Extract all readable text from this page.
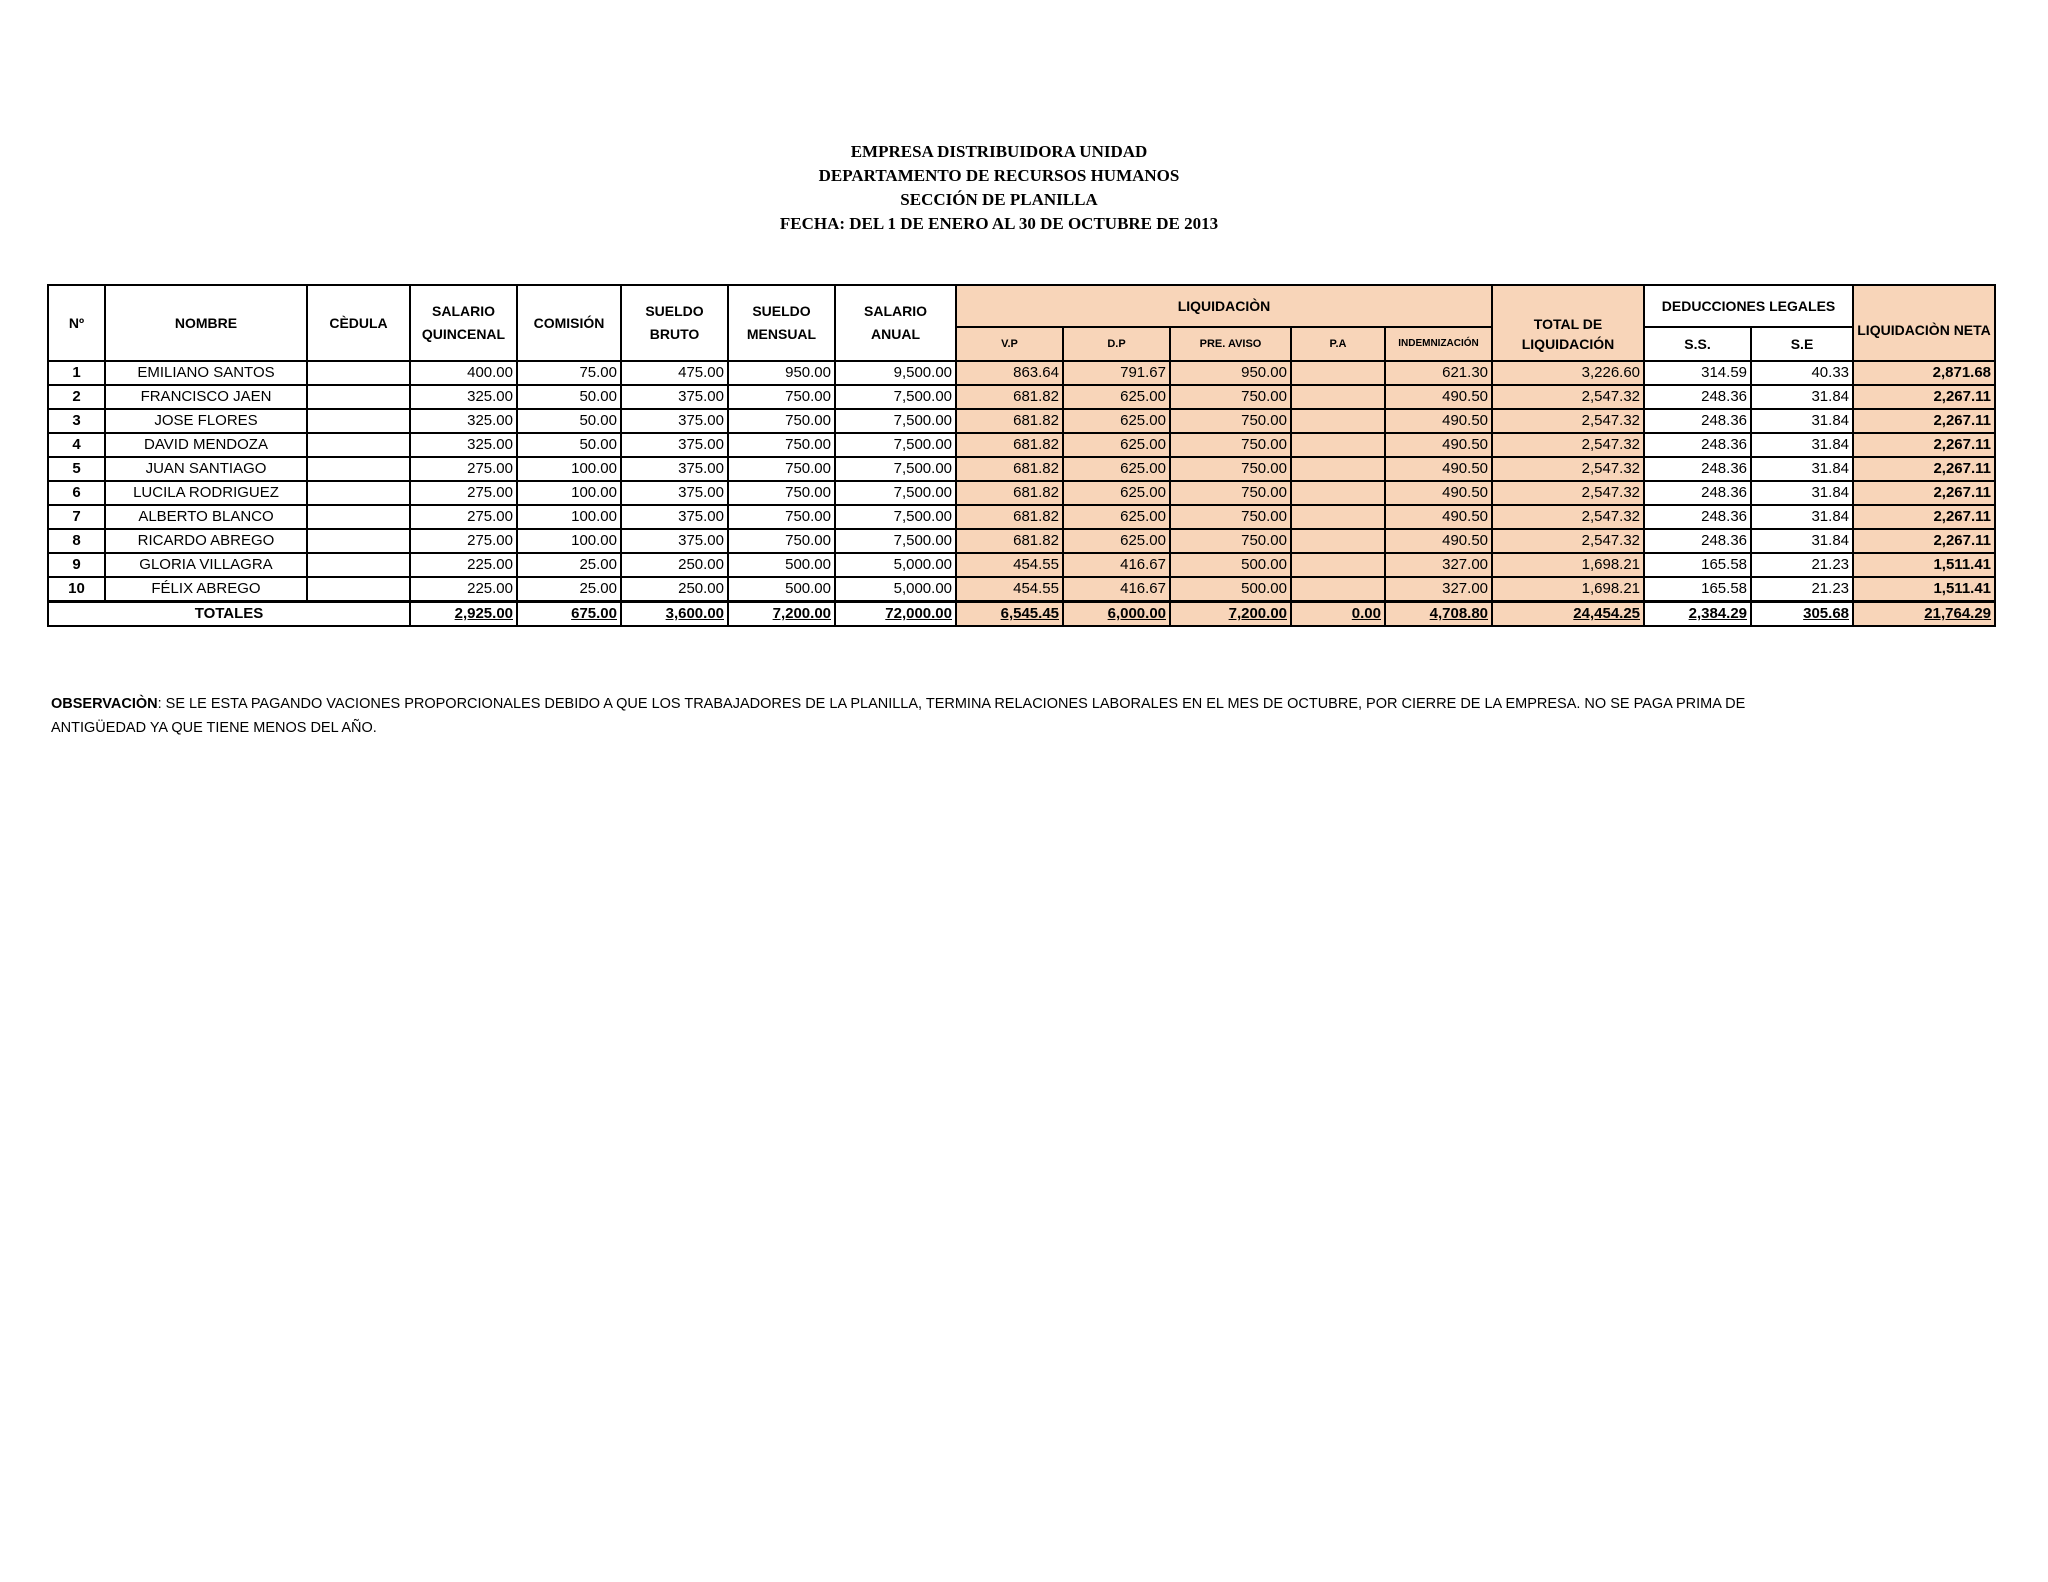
EMPRESA DISTRIBUIDORA UNIDAD
DEPARTAMENTO DE RECURSOS HUMANOS
SECCIÓN DE PLANILLA
FECHA: DEL 1 DE ENERO AL 30 DE OCTUBRE DE 2013
Nº	NOMBRE	CÈDULA	SALARIO QUINCENAL	COMISIÓN	SUELDO BRUTO	SUELDO MENSUAL	SALARIO ANUAL	LIQUIDACIÒN					TOTAL DE LIQUIDACIÓN	DEDUCCIONES LEGALES		LIQUIDACIÒN NETA
								V.P	D.P	PRE. AVISO	P.A	INDEMNIZACIÓN		S.S.	S.E	
1	EMILIANO SANTOS		400.00	75.00	475.00	950.00	9,500.00	863.64	791.67	950.00		621.30	3,226.60	314.59	40.33	2,871.68
2	FRANCISCO JAEN		325.00	50.00	375.00	750.00	7,500.00	681.82	625.00	750.00		490.50	2,547.32	248.36	31.84	2,267.11
3	JOSE FLORES		325.00	50.00	375.00	750.00	7,500.00	681.82	625.00	750.00		490.50	2,547.32	248.36	31.84	2,267.11
4	DAVID MENDOZA		325.00	50.00	375.00	750.00	7,500.00	681.82	625.00	750.00		490.50	2,547.32	248.36	31.84	2,267.11
5	JUAN SANTIAGO		275.00	100.00	375.00	750.00	7,500.00	681.82	625.00	750.00		490.50	2,547.32	248.36	31.84	2,267.11
6	LUCILA RODRIGUEZ		275.00	100.00	375.00	750.00	7,500.00	681.82	625.00	750.00		490.50	2,547.32	248.36	31.84	2,267.11
7	ALBERTO BLANCO		275.00	100.00	375.00	750.00	7,500.00	681.82	625.00	750.00		490.50	2,547.32	248.36	31.84	2,267.11
8	RICARDO ABREGO		275.00	100.00	375.00	750.00	7,500.00	681.82	625.00	750.00		490.50	2,547.32	248.36	31.84	2,267.11
9	GLORIA VILLAGRA		225.00	25.00	250.00	500.00	5,000.00	454.55	416.67	500.00		327.00	1,698.21	165.58	21.23	1,511.41
10	FÉLIX ABREGO		225.00	25.00	250.00	500.00	5,000.00	454.55	416.67	500.00		327.00	1,698.21	165.58	21.23	1,511.41
TOTALES			2,925.00	675.00	3,600.00	7,200.00	72,000.00	6,545.45	6,000.00	7,200.00	0.00	4,708.80	24,454.25	2,384.29	305.68	21,764.29
OBSERVACIÒN: SE LE ESTA PAGANDO VACIONES PROPORCIONALES DEBIDO A QUE LOS TRABAJADORES DE LA PLANILLA, TERMINA RELACIONES LABORALES EN EL MES DE OCTUBRE, POR CIERRE DE LA EMPRESA. NO SE PAGA PRIMA DE ANTIGÜEDAD YA QUE TIENE MENOS DEL AÑO.
